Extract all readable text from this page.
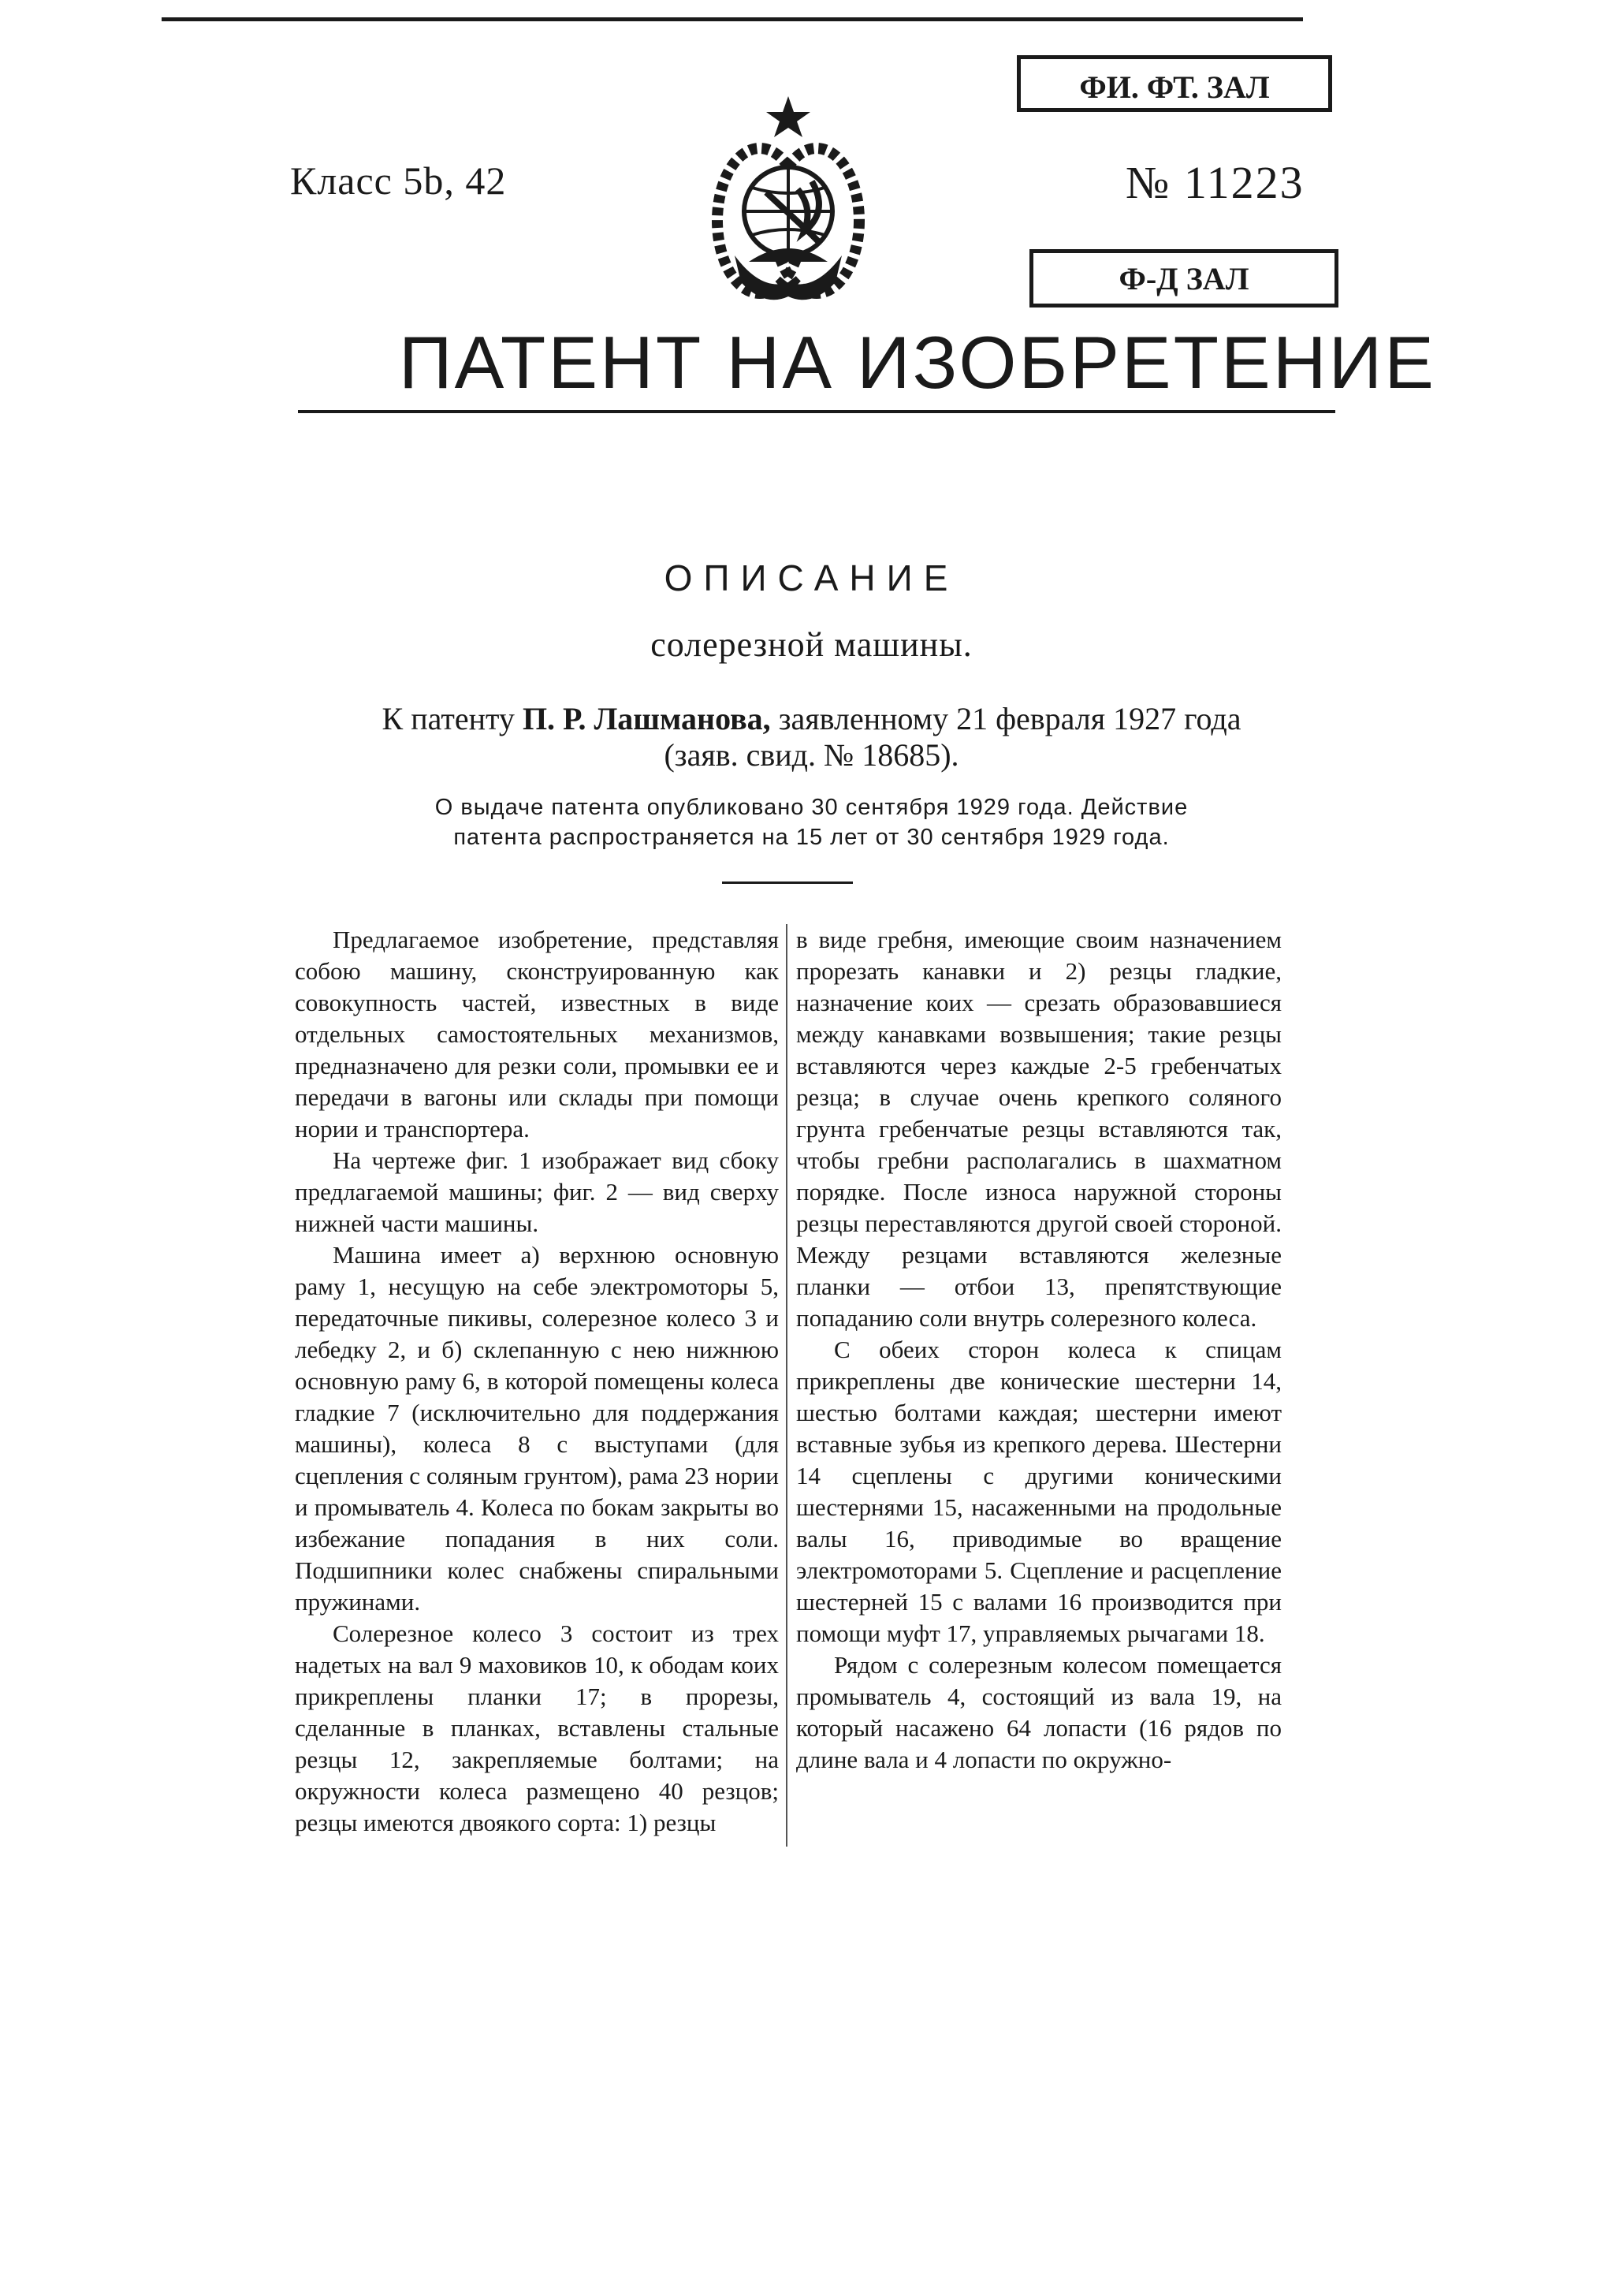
Класс 5b, 42
ФИ. ФТ. ЗАЛ
№ 11223
Ф-Д ЗАЛ
ПАТЕНТ НА ИЗОБРЕТЕНИЕ
ОПИСАНИЕ
солерезной машины.
К патенту П. Р. Лашманова, заявленному 21 февраля 1927 года
(заяв. свид. № 18685).
О выдаче патента опубликовано 30 сентября 1929 года. Действие
патента распространяется на 15 лет от 30 сентября 1929 года.

Предлагаемое изобретение, представляя собою машину, сконструированную как совокупность частей, известных в виде отдельных самостоятельных механизмов, предназначено для резки соли, промывки ее и передачи в вагоны или склады при помощи нории и транспортера.

На чертеже фиг. 1 изображает вид сбоку предлагаемой машины; фиг. 2 — вид сверху нижней части машины.

Машина имеет а) верхнюю основную раму 1, несущую на себе электромоторы 5, передаточные пикивы, солерезное колесо 3 и лебедку 2, и б) склепанную с нею нижнюю основную раму 6, в которой помещены колеса гладкие 7 (исключительно для поддержания машины), колеса 8 с выступами (для сцепления с соляным грунтом), рама 23 нории и промыватель 4. Колеса по бокам закрыты во избежание попадания в них соли. Подшипники колес снабжены спиральными пружинами.

Солерезное колесо 3 состоит из трех надетых на вал 9 маховиков 10, к ободам коих прикреплены планки 17; в прорезы, сделанные в планках, вставлены стальные резцы 12, закрепляемые болтами; на окружности колеса размещено 40 резцов; резцы имеются двоякого сорта: 1) резцы

в виде гребня, имеющие своим назначением прорезать канавки и 2) резцы гладкие, назначение коих — срезать образовавшиеся между канавками возвышения; такие резцы вставляются через каждые 2-5 гребенчатых резца; в случае очень крепкого соляного грунта гребенчатые резцы вставляются так, чтобы гребни располагались в шахматном порядке. После износа наружной стороны резцы переставляются другой своей стороной. Между резцами вставляются железные планки — отбои 13, препятствующие попаданию соли внутрь солерезного колеса.

С обеих сторон колеса к спицам прикреплены две конические шестерни 14, шестью болтами каждая; шестерни имеют вставные зубья из крепкого дерева. Шестерни 14 сцеплены с другими коническими шестернями 15, насаженными на продольные валы 16, приводимые во вращение электромоторами 5. Сцепление и расцепление шестерней 15 с валами 16 производится при помощи муфт 17, управляемых рычагами 18.

Рядом с солерезным колесом помещается промыватель 4, состоящий из вала 19, на который насажено 64 лопасти (16 рядов по длине вала и 4 лопасти по окружно-
